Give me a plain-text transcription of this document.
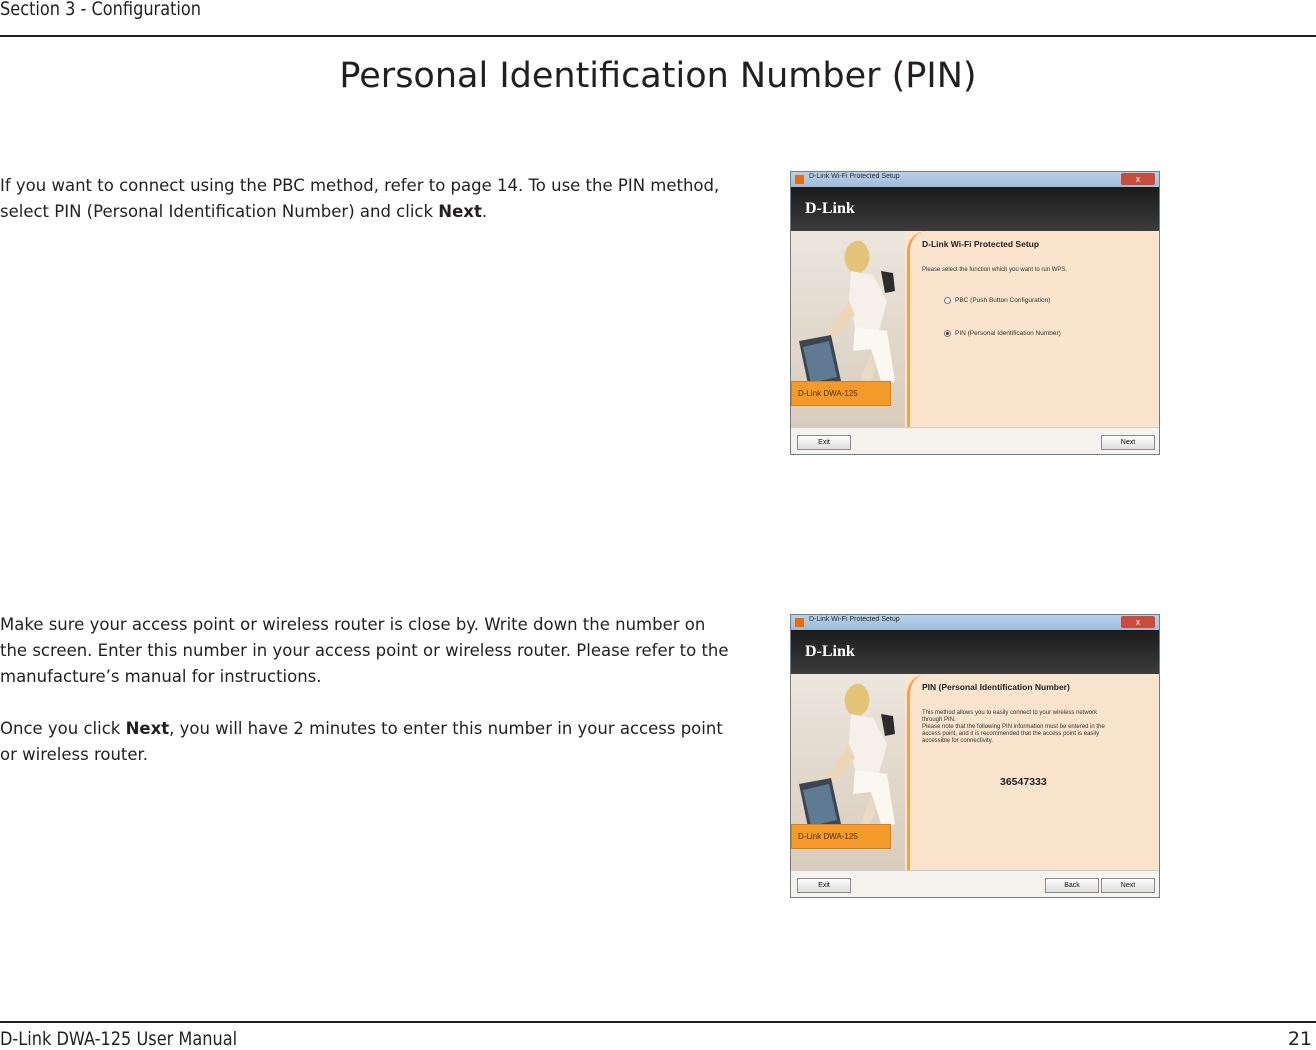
Section 3 - Configuration
Personal Identification Number (PIN)
If you want to connect using the PBC method, refer to page 14. To use the PIN method, select PIN (Personal Identification Number) and click Next.
Make sure your access point or wireless router is close by. Write down the number on the screen. Enter this number in your access point or wireless router. Please refer to the manufacture’s manual for instructions.
Once you click Next, you will have 2 minutes to enter this number in your access point or wireless router.
D-Link Wi-Fi Protected Setup	x
D-Link
D-Link DWA-125
D-Link Wi-Fi Protected Setup
Please select the function which you want to run WPS.
PBC (Push Button Configuration)
PIN (Personal Identification Number)
Exit	Next
D-Link Wi-Fi Protected Setup	x
D-Link
D-Link DWA-125
PIN (Personal Identification Number)
This method allows you to easily connect to your wireless network
through PIN.
Please note that the following PIN information must be entered in the
access point, and it is recommended that the access point is easily
accessible for connectivity.
36547333
Exit	Back	Next
D-Link DWA-125 User Manual	21
